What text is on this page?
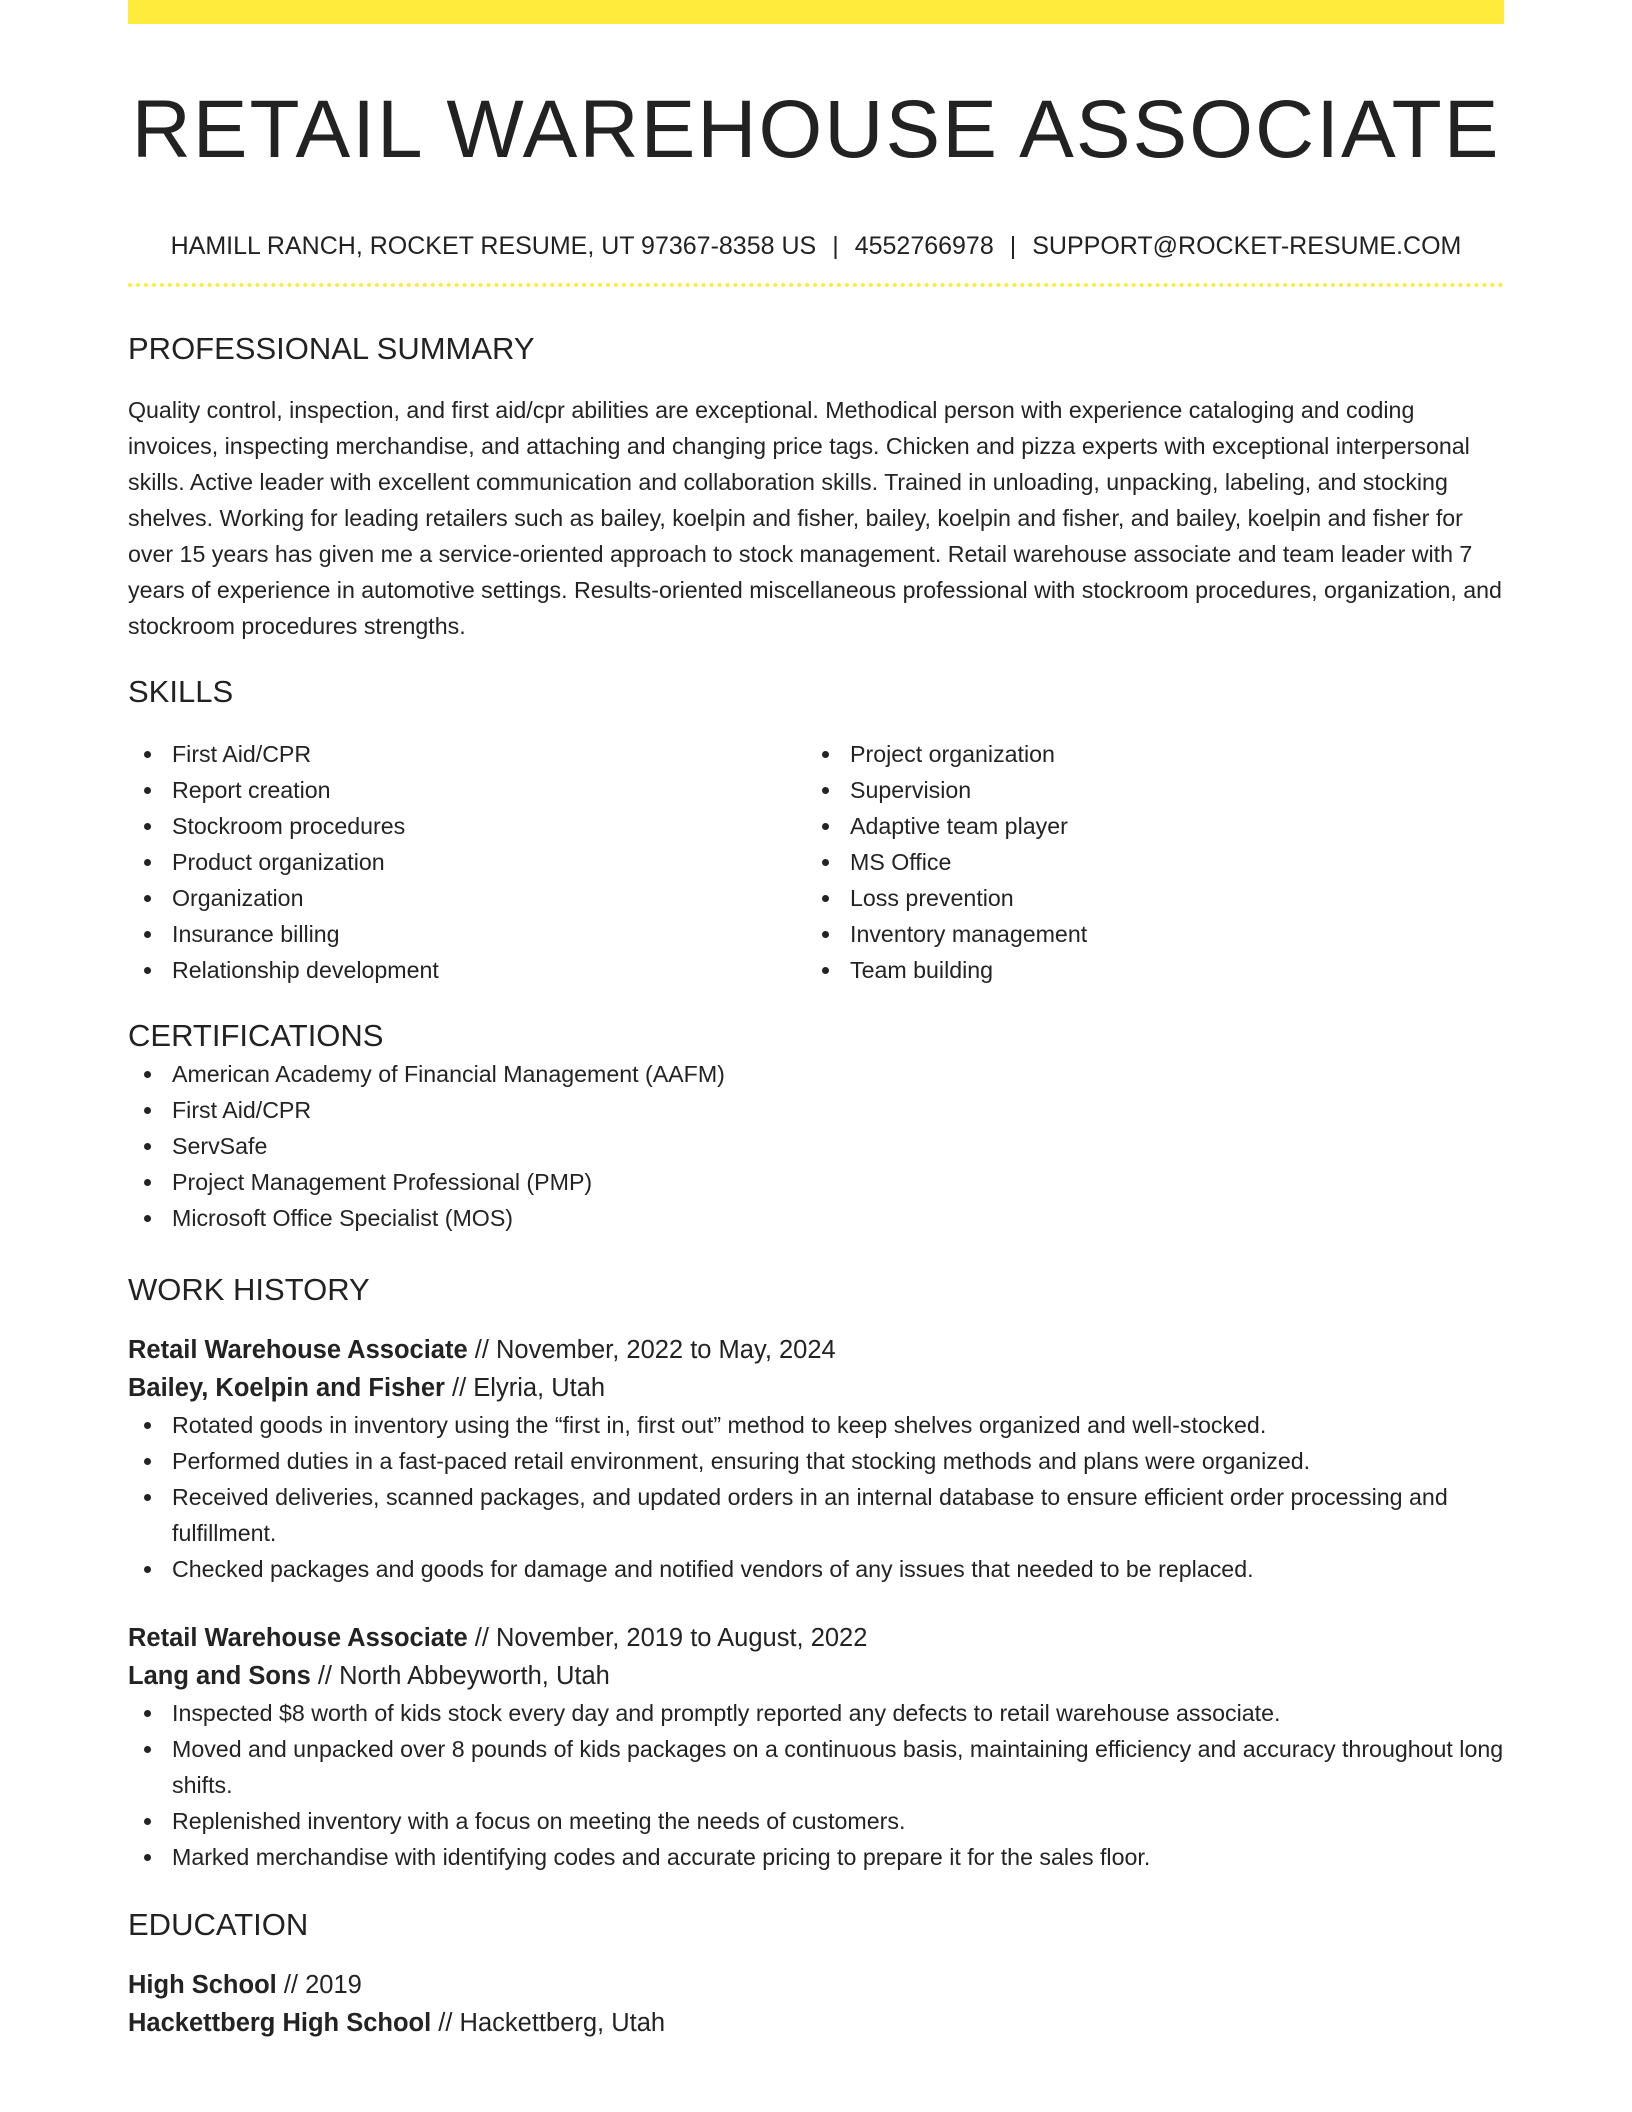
RETAIL WAREHOUSE ASSOCIATE
HAMILL RANCH, ROCKET RESUME, UT 97367-8358 US | 4552766978 | SUPPORT@ROCKET-RESUME.COM
PROFESSIONAL SUMMARY

Quality control, inspection, and first aid/cpr abilities are exceptional. Methodical person with experience cataloging and coding invoices, inspecting merchandise, and attaching and changing price tags. Chicken and pizza experts with exceptional interpersonal skills. Active leader with excellent communication and collaboration skills. Trained in unloading, unpacking, labeling, and stocking shelves. Working for leading retailers such as bailey, koelpin and fisher, bailey, koelpin and fisher, and bailey, koelpin and fisher for over 15 years has given me a service-oriented approach to stock management. Retail warehouse associate and team leader with 7 years of experience in automotive settings. Results-oriented miscellaneous professional with stockroom procedures, organization, and stockroom procedures strengths.

SKILLS
First Aid/CPR
Report creation
Stockroom procedures
Product organization
Organization
Insurance billing
Relationship development
Project organization
Supervision
Adaptive team player
MS Office
Loss prevention
Inventory management
Team building
CERTIFICATIONS
American Academy of Financial Management (AAFM)
First Aid/CPR
ServSafe
Project Management Professional (PMP)
Microsoft Office Specialist (MOS)
WORK HISTORY
Retail Warehouse Associate // November, 2022 to May, 2024
Bailey, Koelpin and Fisher // Elyria, Utah
Rotated goods in inventory using the “first in, first out” method to keep shelves organized and well-stocked.
Performed duties in a fast-paced retail environment, ensuring that stocking methods and plans were organized.
Received deliveries, scanned packages, and updated orders in an internal database to ensure efficient order processing and fulfillment.
Checked packages and goods for damage and notified vendors of any issues that needed to be replaced.
Retail Warehouse Associate // November, 2019 to August, 2022
Lang and Sons // North Abbeyworth, Utah
Inspected $8 worth of kids stock every day and promptly reported any defects to retail warehouse associate.
Moved and unpacked over 8 pounds of kids packages on a continuous basis, maintaining efficiency and accuracy throughout long shifts.
Replenished inventory with a focus on meeting the needs of customers.
Marked merchandise with identifying codes and accurate pricing to prepare it for the sales floor.
EDUCATION
High School // 2019
Hackettberg High School // Hackettberg, Utah
